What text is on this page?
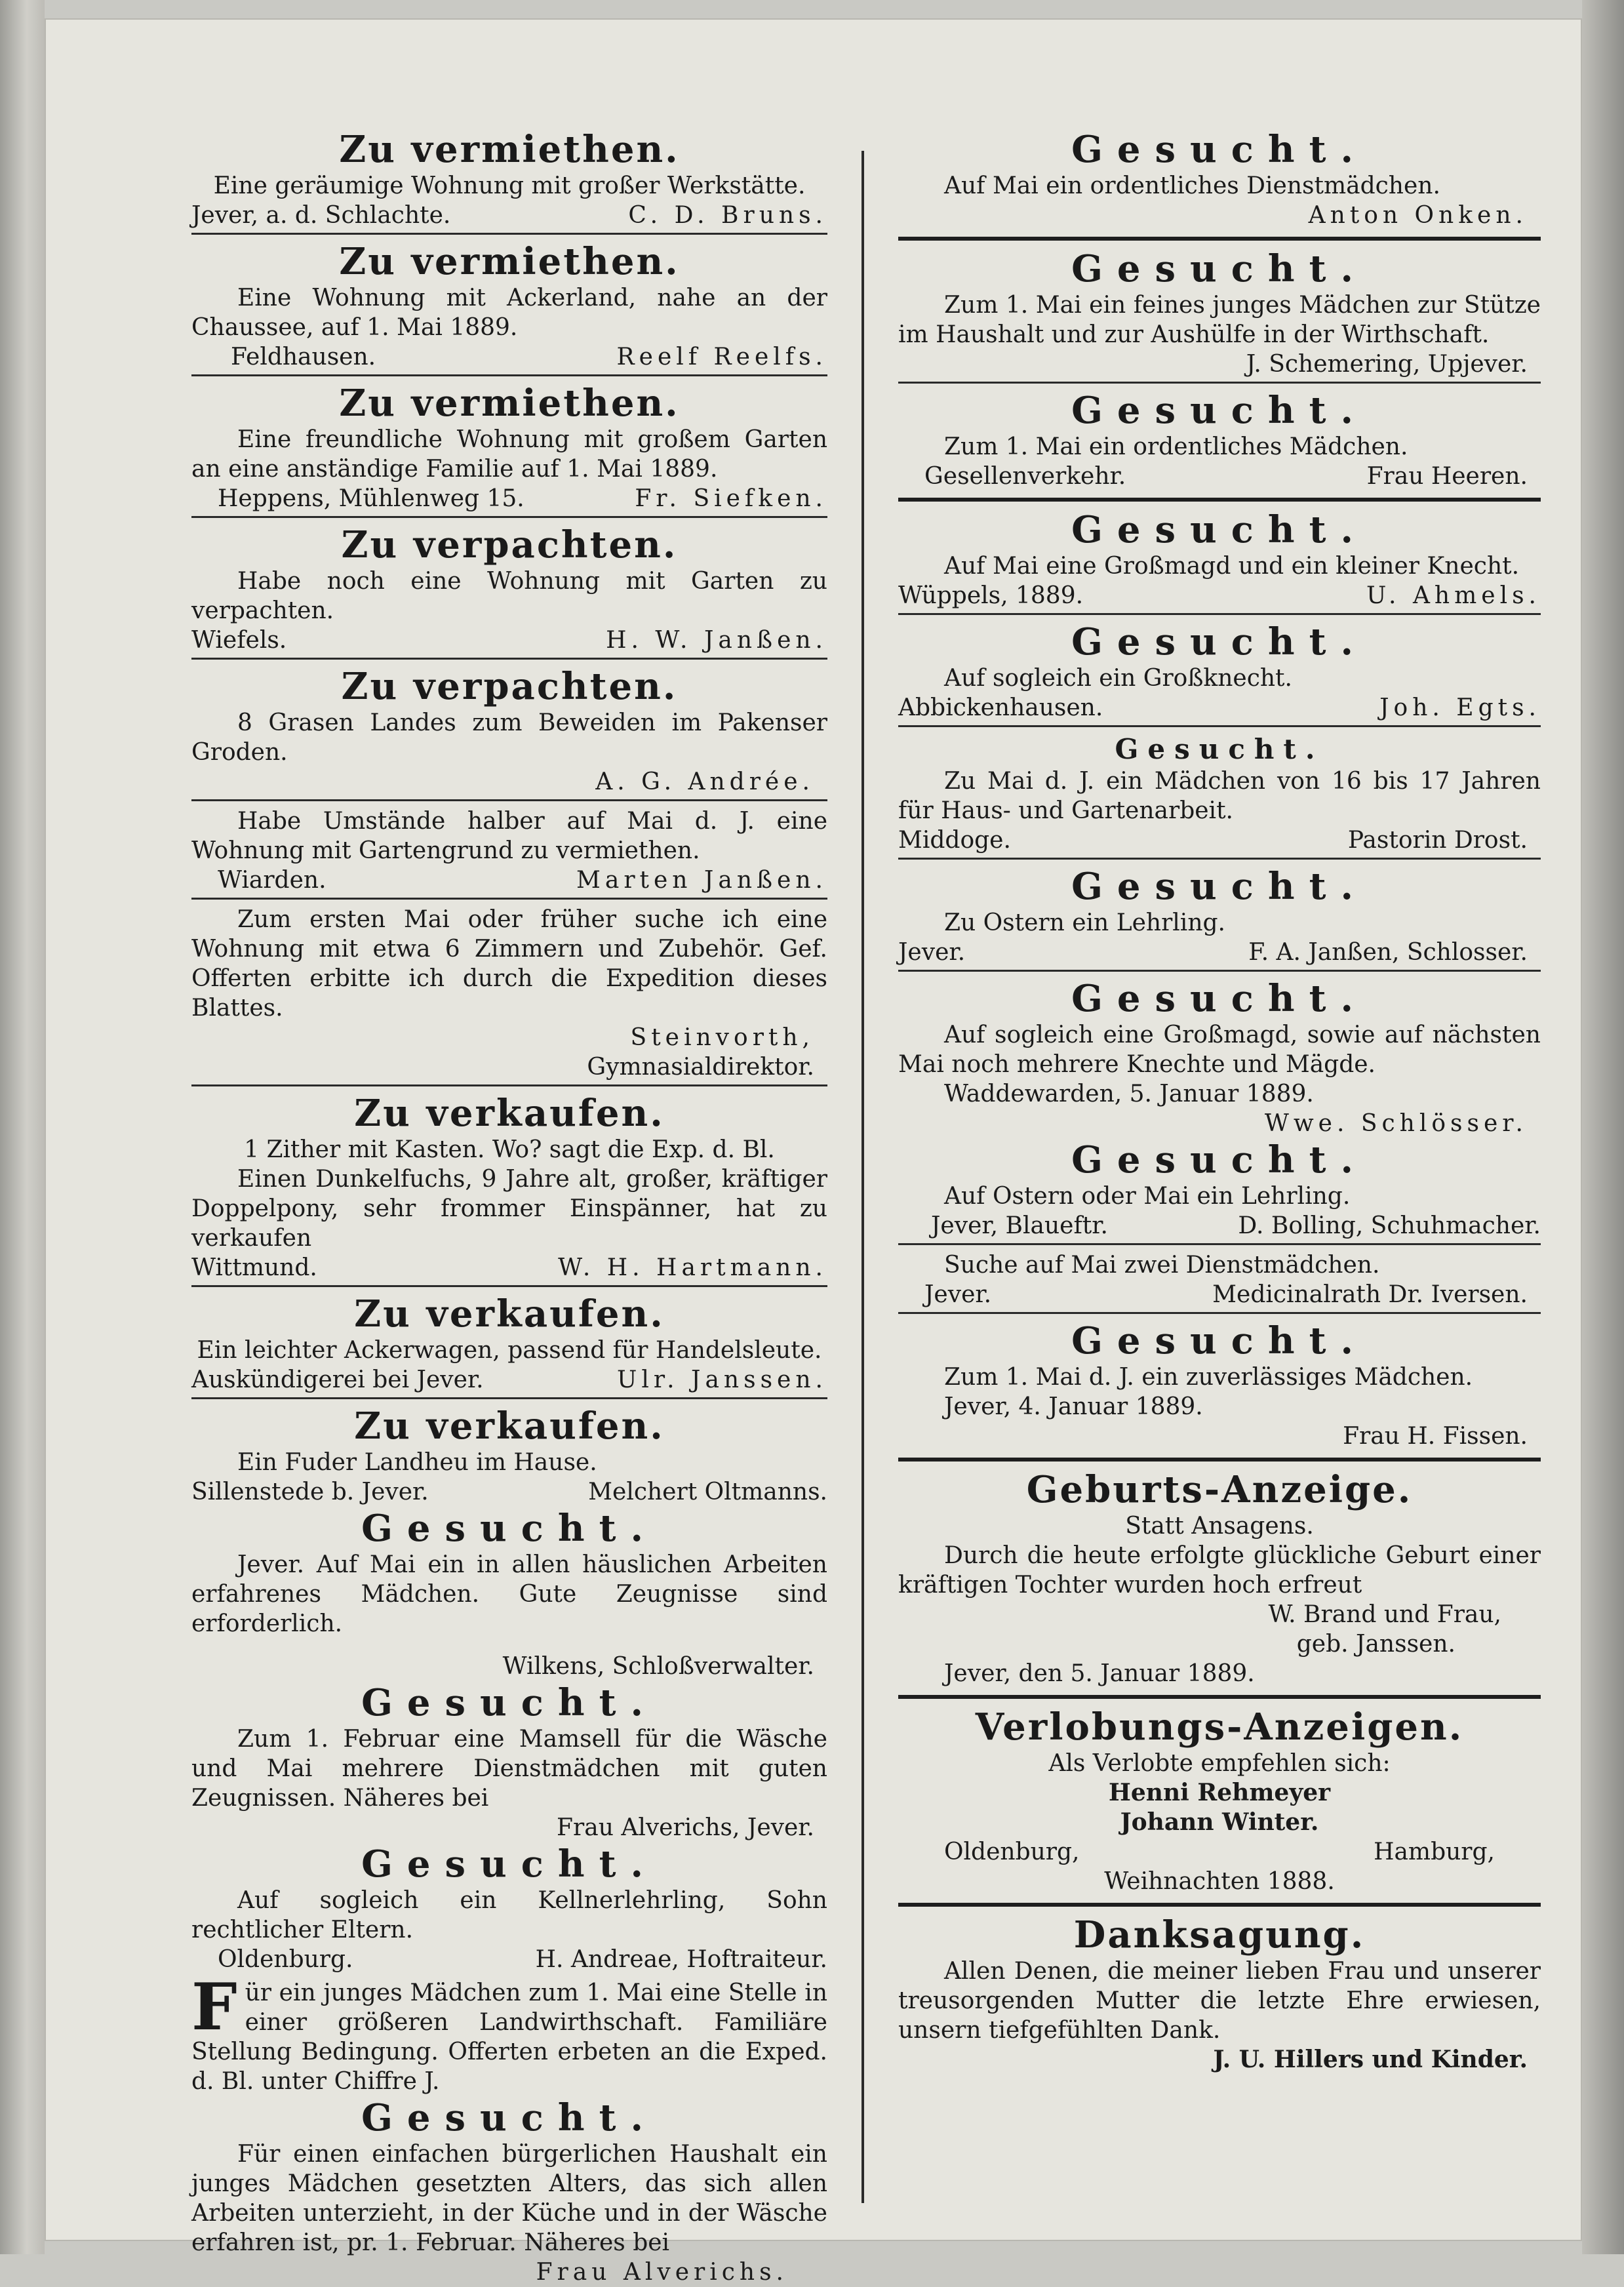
Zu vermiethen.

Eine geräumige Wohnung mit großer Werkstätte.

Jever, a. d. Schlachte.	C. D. Bruns.
Zu vermiethen.

Eine Wohnung mit Ackerland, nahe an der Chaussee, auf 1. Mai 1889.

Feldhausen.	Reelf Reelfs.
Zu vermiethen.

Eine freundliche Wohnung mit großem Garten an eine anständige Familie auf 1. Mai 1889.

Heppens, Mühlenweg 15.	Fr. Siefken.
Zu verpachten.

Habe noch eine Wohnung mit Garten zu verpachten.

Wiefels.	H. W. Janßen.
Zu verpachten.

8 Grasen Landes zum Beweiden im Pakenser Groden.

A. G. Andrée.

Habe Umstände halber auf Mai d. J. eine Wohnung mit Gartengrund zu vermiethen.

Wiarden.	Marten Janßen.

Zum ersten Mai oder früher suche ich eine Wohnung mit etwa 6 Zimmern und Zubehör. Gef. Offerten erbitte ich durch die Expedition dieses Blattes.

Steinvorth,
Gymnasialdirektor.
Zu verkaufen.

1 Zither mit Kasten. Wo? sagt die Exp. d. Bl.

Einen Dunkelfuchs, 9 Jahre alt, großer, kräftiger Doppelpony, sehr frommer Einspänner, hat zu verkaufen

Wittmund.	W. H. Hartmann.
Zu verkaufen.

Ein leichter Ackerwagen, passend für Handelsleute.

Auskündigerei bei Jever.	Ulr. Janssen.
Zu verkaufen.

Ein Fuder Landheu im Hause.

Sillenstede b. Jever.	Melchert Oltmanns.
Gesucht.

Jever. Auf Mai ein in allen häuslichen Arbeiten erfahrenes Mädchen. Gute Zeugnisse sind erforderlich.

Wilkens, Schloßverwalter.
Gesucht.

Zum 1. Februar eine Mamsell für die Wäsche und Mai mehrere Dienstmädchen mit guten Zeugnissen. Näheres bei

Frau Alverichs, Jever.
Gesucht.

Auf sogleich ein Kellnerlehrling, Sohn rechtlicher Eltern.

Oldenburg.	H. Andreae, Hoftraiteur.
F ür ein junges Mädchen zum 1. Mai eine Stelle in einer größeren Landwirthschaft. Familiäre Stellung Bedingung. Offerten erbeten an die Exped. d. Bl. unter Chiffre J.

Gesucht.

Für einen einfachen bürgerlichen Haushalt ein junges Mädchen gesetzten Alters, das sich allen Arbeiten unterzieht, in der Küche und in der Wäsche erfahren ist, pr. 1. Februar. Näheres bei

Frau Alverichs.
Gesucht.

Auf Mai ein ordentliches Dienstmädchen.

Anton Onken.
Gesucht.

Zum 1. Mai ein feines junges Mädchen zur Stütze im Haushalt und zur Aushülfe in der Wirthschaft.

J. Schemering, Upjever.
Gesucht.

Zum 1. Mai ein ordentliches Mädchen.

Gesellenverkehr.	Frau Heeren.
Gesucht.

Auf Mai eine Großmagd und ein kleiner Knecht.

Wüppels, 1889.	U. Ahmels.
Gesucht.

Auf sogleich ein Großknecht.

Abbickenhausen.	Joh. Egts.
Gesucht.

Zu Mai d. J. ein Mädchen von 16 bis 17 Jahren für Haus- und Gartenarbeit.

Middoge.	Pastorin Drost.
Gesucht.

Zu Ostern ein Lehrling.

Jever.	F. A. Janßen, Schlosser.
Gesucht.

Auf sogleich eine Großmagd, sowie auf nächsten Mai noch mehrere Knechte und Mägde.

Waddewarden, 5. Januar 1889.

Wwe. Schlösser.
Gesucht.

Auf Ostern oder Mai ein Lehrling.

Jever, Blaueftr.	D. Bolling, Schuhmacher.

Suche auf Mai zwei Dienstmädchen.

Jever.	Medicinalrath Dr. Iversen.
Gesucht.

Zum 1. Mai d. J. ein zuverlässiges Mädchen.

Jever, 4. Januar 1889.

Frau H. Fissen.
Geburts-Anzeige.

Statt Ansagens.

Durch die heute erfolgte glückliche Geburt einer kräftigen Tochter wurden hoch erfreut

W. Brand und Frau,
geb. Janssen.

Jever, den 5. Januar 1889.

Verlobungs-Anzeigen.

Als Verlobte empfehlen sich:

Henni Rehmeyer

Johann Winter.

Oldenburg,	Hamburg,

Weihnachten 1888.

Danksagung.

Allen Denen, die meiner lieben Frau und unserer treusorgenden Mutter die letzte Ehre erwiesen, unsern tiefgefühlten Dank.

J. U. Hillers und Kinder.
